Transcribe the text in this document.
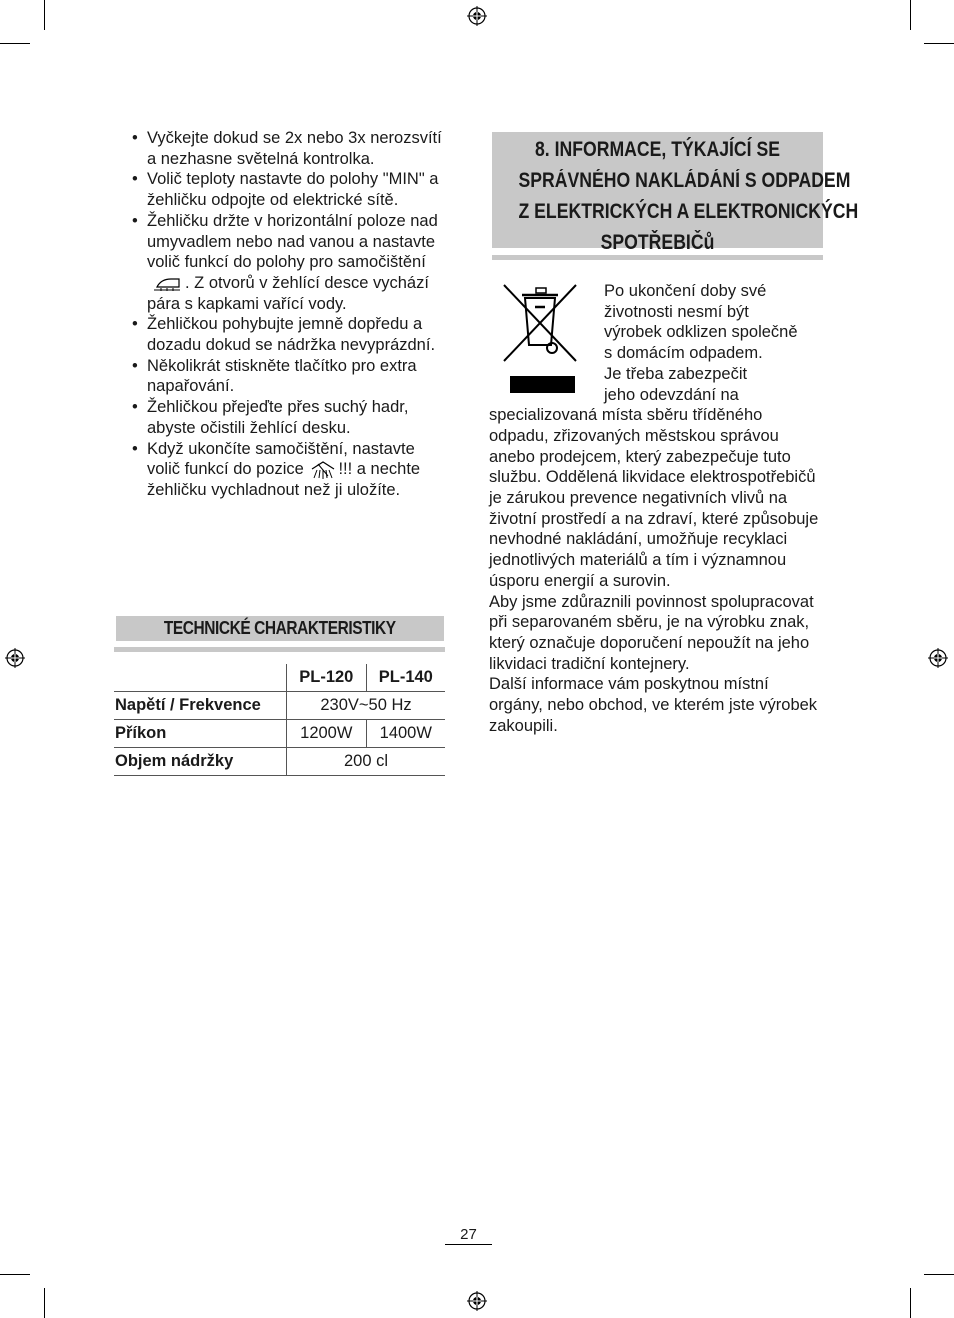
• Vyčkejte dokud se 2x nebo 3x nerozsvítí a nezhasne světelná kontrolka.
• Volič teploty nastavte do polohy "MIN" a žehličku odpojte od elektrické sítě.
• Žehličku držte v horizontální poloze nad umyvadlem nebo nad vanou a nastavte volič funkcí do polohy pro samočištění . Z otvorů v žehlící desce vychází pára s kapkami vařící vody.
• Žehličkou pohybujte jemně dopředu a dozadu dokud se nádržka nevyprázdní.
• Několikrát stiskněte tlačítko pro extra napařování.
• Žehličkou přejeďte přes suchý hadr, abyste očistili žehlící desku.
• Když ukončíte samočištění, nastavte volič funkcí do pozice !!! a nechte žehličku vychladnout než ji uložíte.
TECHNICKÉ CHARAKTERISTIKY
	PL-120	PL-140
Napětí / Frekvence	230V~50 Hz	
Příkon	1200W	1400W
Objem nádržky	200 cl	
8. INFORMACE, TÝKAJÍCÍ SE
SPRÁVNÉHO NAKLÁDÁNÍ S ODPADEM
Z ELEKTRICKÝCH A ELEKTRONICKÝCH
SPOTŘEBIČů
Po ukončení doby své
životnosti nesmí být
výrobek odklizen společně
s domácím odpadem.
Je třeba zabezpečit
jeho odevzdání na
specializovaná místa sběru tříděného odpadu, zřizovaných městskou správou anebo prodejcem, který zabezpečuje tuto službu. Oddělená likvidace elektrospotřebičů je zárukou prevence negativních vlivů na životní prostředí a na zdraví, které způsobuje nevhodné nakládání, umožňuje recyklaci jednotlivých materiálů a tím i významnou úsporu energií a surovin.
Aby jsme zdůraznili povinnost spolupracovat při separovaném sběru, je na výrobku znak, který označuje doporučení nepoužít na jeho likvidaci tradiční kontejnery.
Další informace vám poskytnou místní orgány, nebo obchod, ve kterém jste výrobek zakoupili.
27
